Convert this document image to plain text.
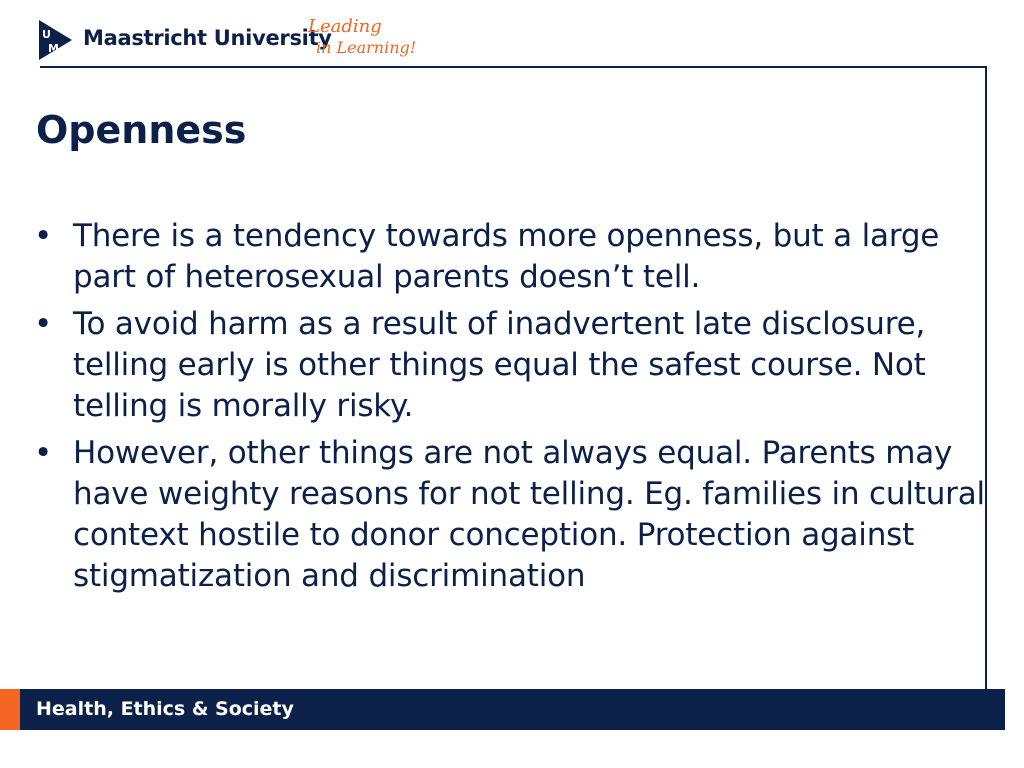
U
M Maastricht University
Leading
in Learning!
Openness
• There is a tendency towards more openness, but a large part of heterosexual parents doesn’t tell.
• To avoid harm as a result of inadvertent late disclosure, telling early is other things equal the safest course. Not telling is morally risky.
• However, other things are not always equal. Parents may have weighty reasons for not telling. Eg. families in cultural context hostile to donor conception. Protection against stigmatization and discrimination
Health, Ethics & Society
